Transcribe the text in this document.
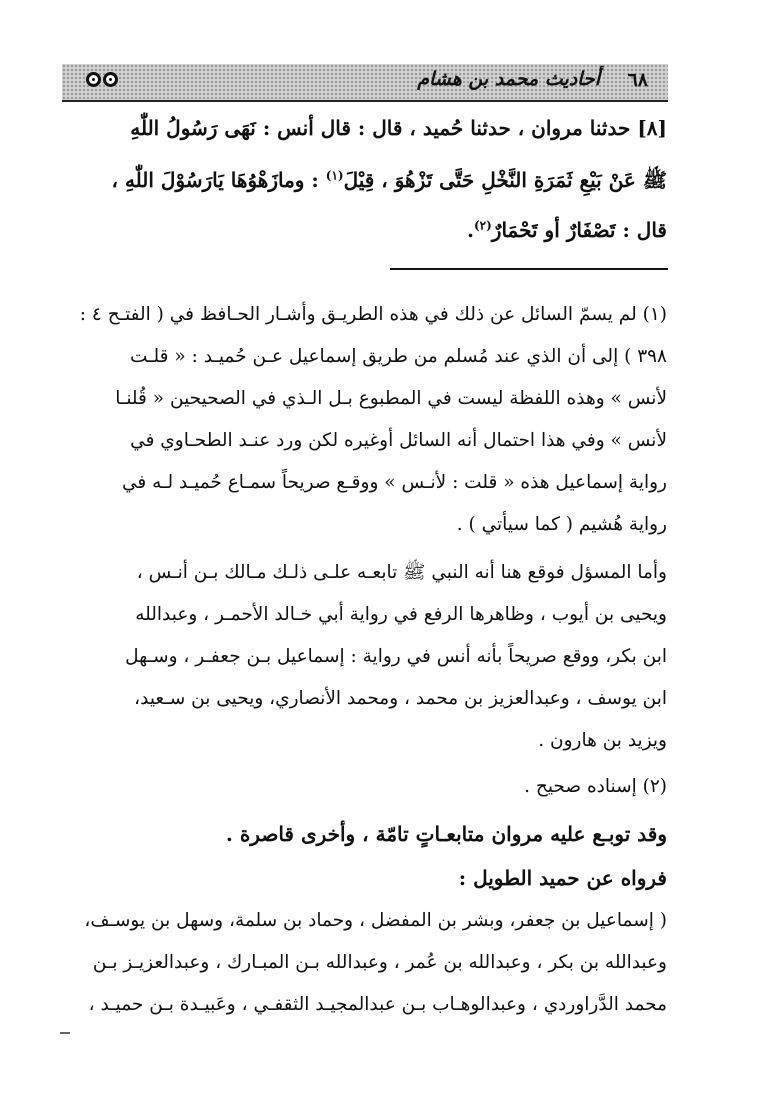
٦٨
أحاديث محمد بن هشام
[٨] حدثنا مروان ، حدثنا حُميد ، قال : قال أنس : نَهَى رَسُولُ اللّٰهِ
ﷺ عَنْ بَيْعِ ثَمَرَةِ النَّخْلِ حَتَّى تَزْهُوَ ، قِيْلَ$^{(١)}$ : ومازَهْوُهَا يَارَسُوْلَ اللّٰهِ ،
قال : تَصْفَارٌ أو تَحْمَارٌ$^{(٢)}$.
(١) لم يسمّ السائل عن ذلك في هذه الطريـق وأشـار الحـافظ في ( الفتـح ٤ :
٣٩٨ ) إلى أن الذي عند مُسلم من طريق إسماعيل عـن حُميـد : « قلـت
لأنس » وهذه اللفظة ليست في المطبوع بـل الـذي في الصحيحين « قُلنـا
لأنس » وفي هذا احتمال أنه السائل أوغيره لكن ورد عنـد الطحـاوي في
رواية إسماعيل هذه « قلت : لأنـس » ووقـع صريحاً سمـاع حُميـد لـه في
رواية هُشيم ( كما سيأتي ) .
وأما المسؤل فوقع هنا أنه النبي ﷺ تابعـه علـى ذلـك مـالك بـن أنـس ،
ويحيى بن أيوب ، وظاهرها الرفع في رواية أبي خـالد الأحمـر ، وعبدالله
ابن بكر، ووقع صريحاً بأنه أنس في رواية : إسماعيل بـن جعفـر ، وسـهل
ابن يوسف ، وعبدالعزيز بن محمد ، ومحمد الأنصاري، ويحيى بن سـعيد،
ويزيد بن هارون .
(٢) إسناده صحيح .
وقد توبـع عليه مروان متابعـاتٍ تامّة ، وأخرى قاصرة .
فرواه عن حميد الطويل :
( إسماعيل بن جعفر، وبشر بن المفضل ، وحماد بن سلمة، وسهل بن يوسـف،
وعبدالله بن بكر ، وعبدالله بن عُمر ، وعبدالله بـن المبـارك ، وعبدالعزيـز بـن
محمد الدَّراوردي ، وعبدالوهـاب بـن عبدالمجيـد الثقفـي ، وعَبيـدة بـن حميـد ،
